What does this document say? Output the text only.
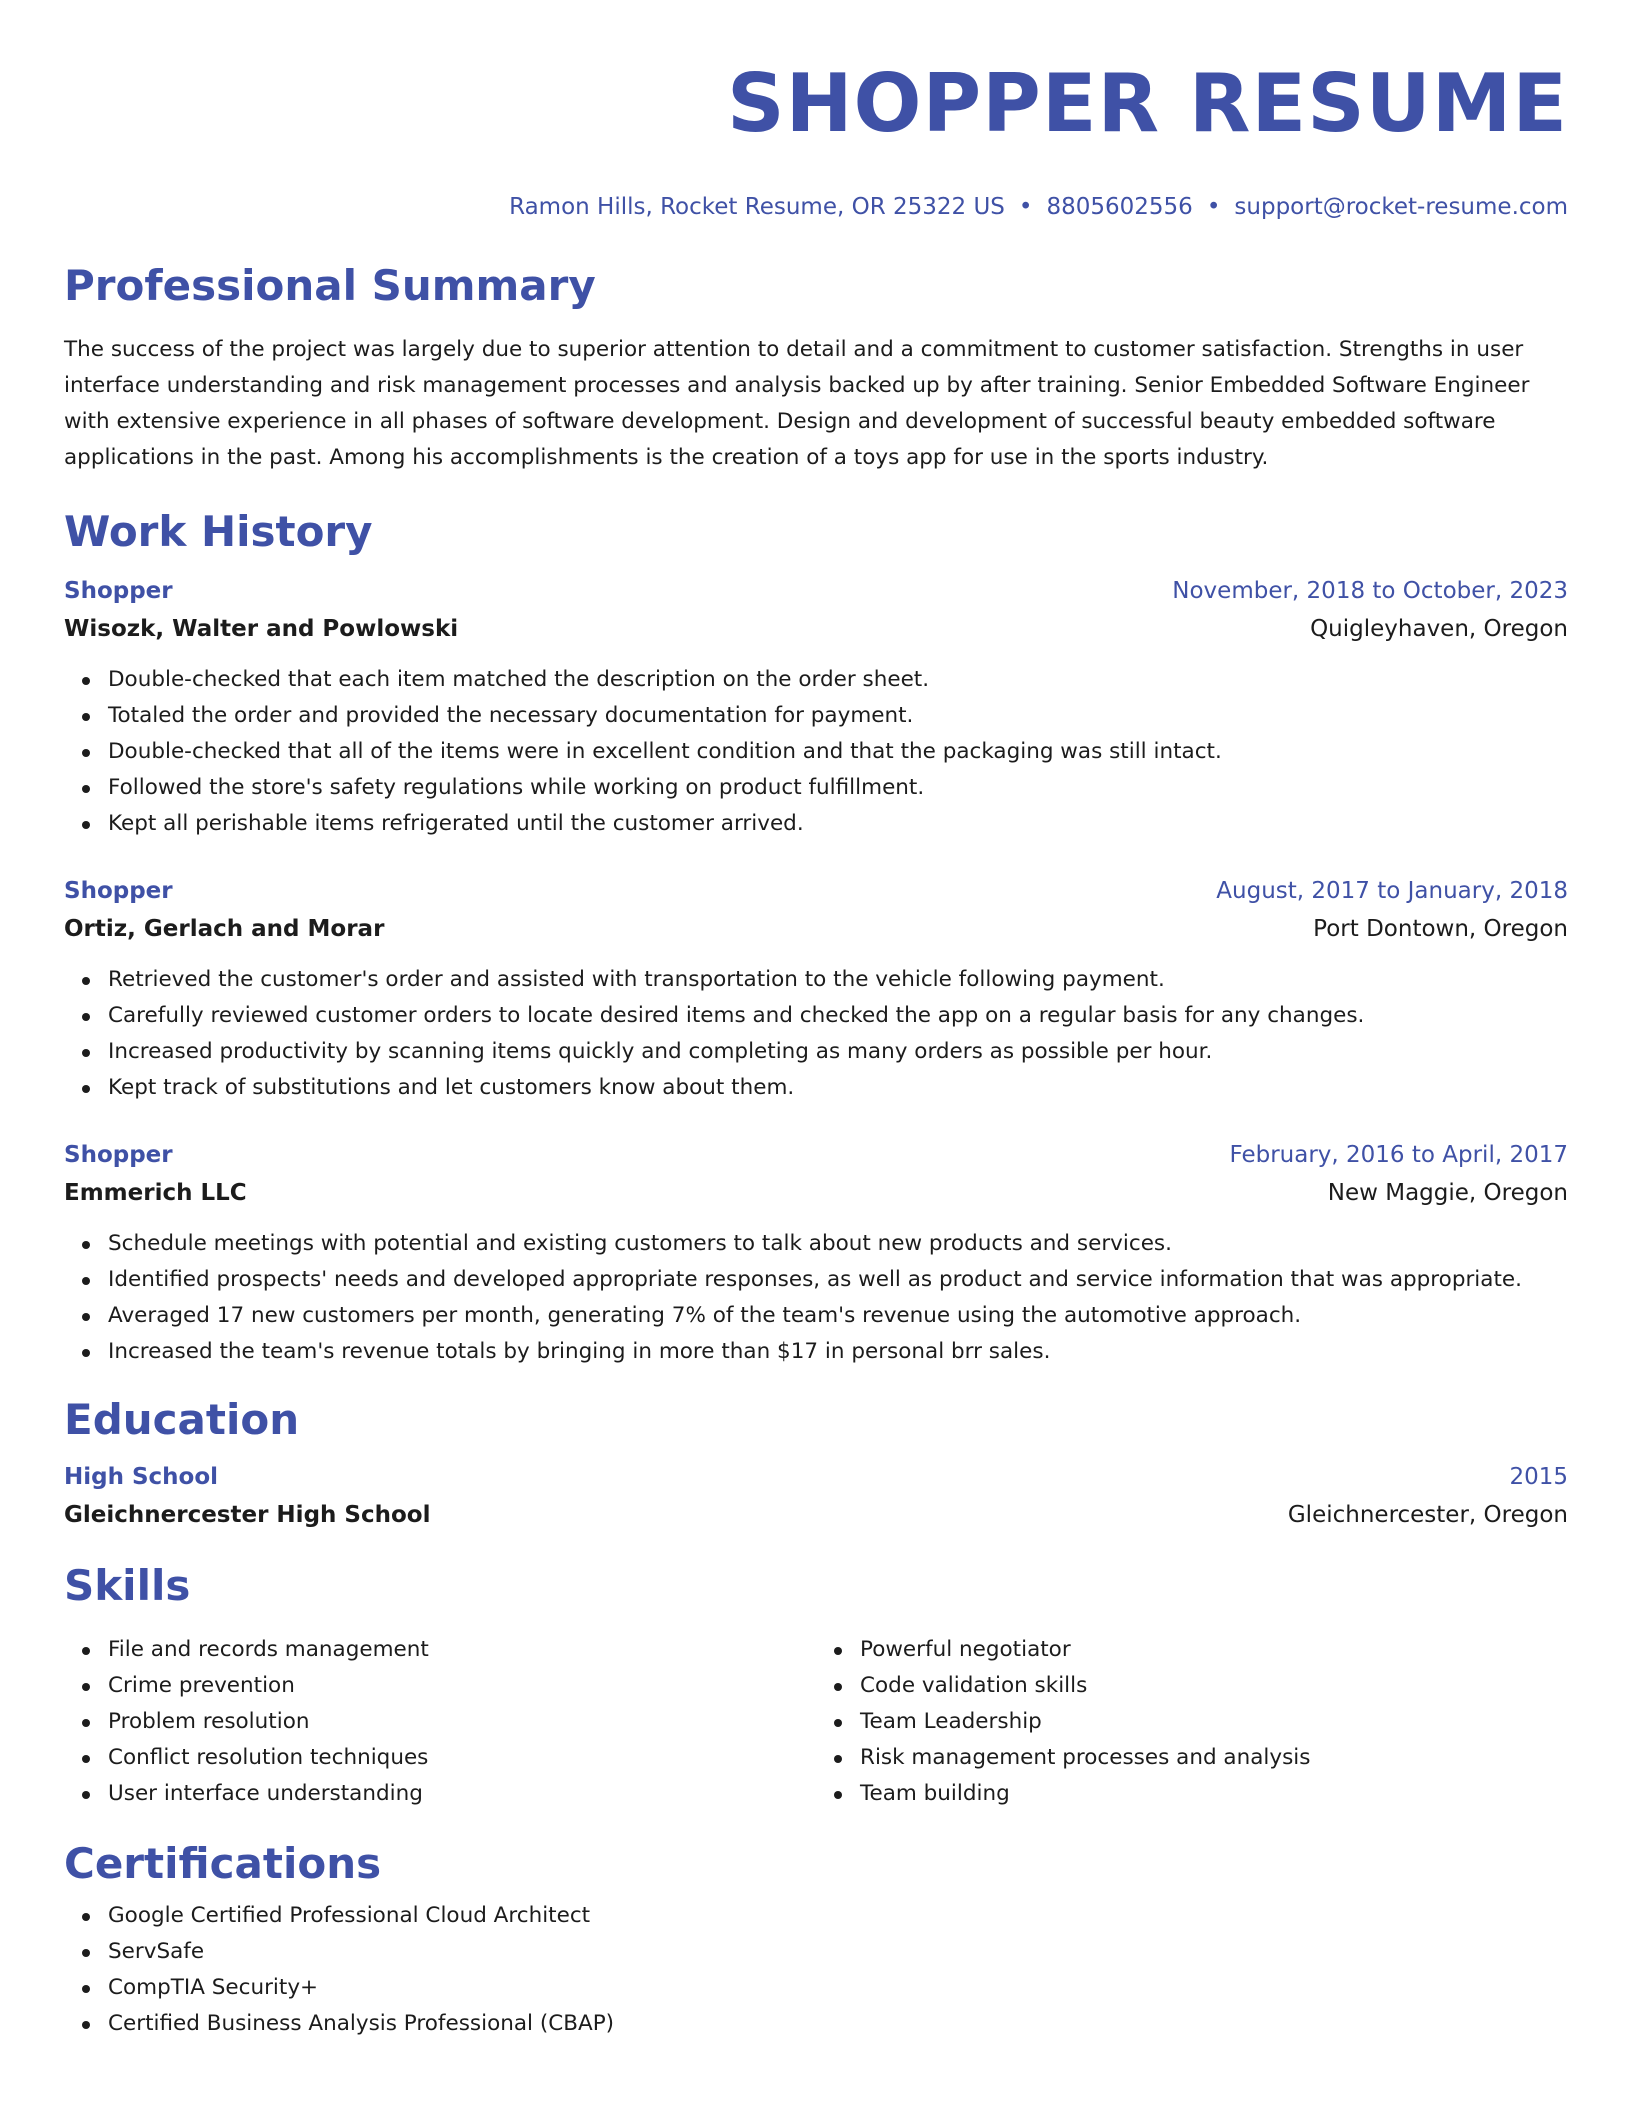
SHOPPER RESUME
Ramon Hills, Rocket Resume, OR 25322 US • 8805602556 • support@rocket-resume.com
Professional Summary

The success of the project was largely due to superior attention to detail and a commitment to customer satisfaction. Strengths in user interface understanding and risk management processes and analysis backed up by after training. Senior Embedded Software Engineer with extensive experience in all phases of software development. Design and development of successful beauty embedded software applications in the past. Among his accomplishments is the creation of a toys app for use in the sports industry.

Work History
Shopper	November, 2018 to October, 2023
Wisozk, Walter and Powlowski	Quigleyhaven, Oregon
Double-checked that each item matched the description on the order sheet.
Totaled the order and provided the necessary documentation for payment.
Double-checked that all of the items were in excellent condition and that the packaging was still intact.
Followed the store's safety regulations while working on product fulfillment.
Kept all perishable items refrigerated until the customer arrived.
Shopper	August, 2017 to January, 2018
Ortiz, Gerlach and Morar	Port Dontown, Oregon
Retrieved the customer's order and assisted with transportation to the vehicle following payment.
Carefully reviewed customer orders to locate desired items and checked the app on a regular basis for any changes.
Increased productivity by scanning items quickly and completing as many orders as possible per hour.
Kept track of substitutions and let customers know about them.
Shopper	February, 2016 to April, 2017
Emmerich LLC	New Maggie, Oregon
Schedule meetings with potential and existing customers to talk about new products and services.
Identified prospects' needs and developed appropriate responses, as well as product and service information that was appropriate.
Averaged 17 new customers per month, generating 7% of the team's revenue using the automotive approach.
Increased the team's revenue totals by bringing in more than $17 in personal brr sales.
Education
High School	2015
Gleichnercester High School	Gleichnercester, Oregon
Skills
File and records management
Crime prevention
Problem resolution
Conflict resolution techniques
User interface understanding
Powerful negotiator
Code validation skills
Team Leadership
Risk management processes and analysis
Team building
Certifications
Google Certified Professional Cloud Architect
ServSafe
CompTIA Security+
Certified Business Analysis Professional (CBAP)
